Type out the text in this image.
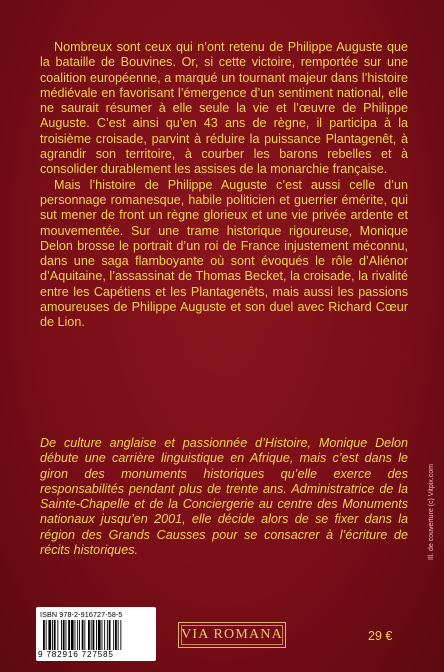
Nombreux sont ceux qui n’ont retenu de Philippe Auguste que la bataille de Bouvines. Or, si cette victoire, remportée sur une coalition européenne, a marqué un tournant majeur dans l’histoire médiévale en favorisant l’émergence d’un sentiment national, elle ne saurait résumer à elle seule la vie et l’œuvre de Philippe Auguste. C’est ainsi qu’en 43 ans de règne, il participa à la troisième croisade, parvint à réduire la puissance Plantagenêt, à agrandir son territoire, à courber les barons rebelles et à consolider durablement les assises de la monarchie française.

Mais l’histoire de Philippe Auguste c’est aussi celle d’un personnage romanesque, habile politicien et guerrier émérite, qui sut mener de front un règne glorieux et une vie privée ardente et mouvementée. Sur une trame historique rigoureuse, Monique Delon brosse le portrait d’un roi de France injustement méconnu, dans une saga flamboyante où sont évoqués le rôle d’Aliénor d’Aquitaine, l’assassinat de Thomas Becket, la croisade, la rivalité entre les Capétiens et les Plantagenêts, mais aussi les passions amoureuses de Philippe Auguste et son duel avec Richard Cœur de Lion.

De culture anglaise et passionnée d’Histoire, Monique Delon débute une carrière linguistique en Afrique, mais c’est dans le giron des monuments historiques qu’elle exerce des responsabilités pendant plus de trente ans. Administratrice de la Sainte-Chapelle et de la Conciergerie au centre des Monuments nationaux jusqu’en 2001, elle décide alors de se fixer dans la région des Grands Causses pour se consacrer à l’écriture de récits historiques.	Ill. de couverture (c) Vitpix.com
ISBN 978-2-916727-58-5
9 782916 727585
VIA ROMANA	29 €
